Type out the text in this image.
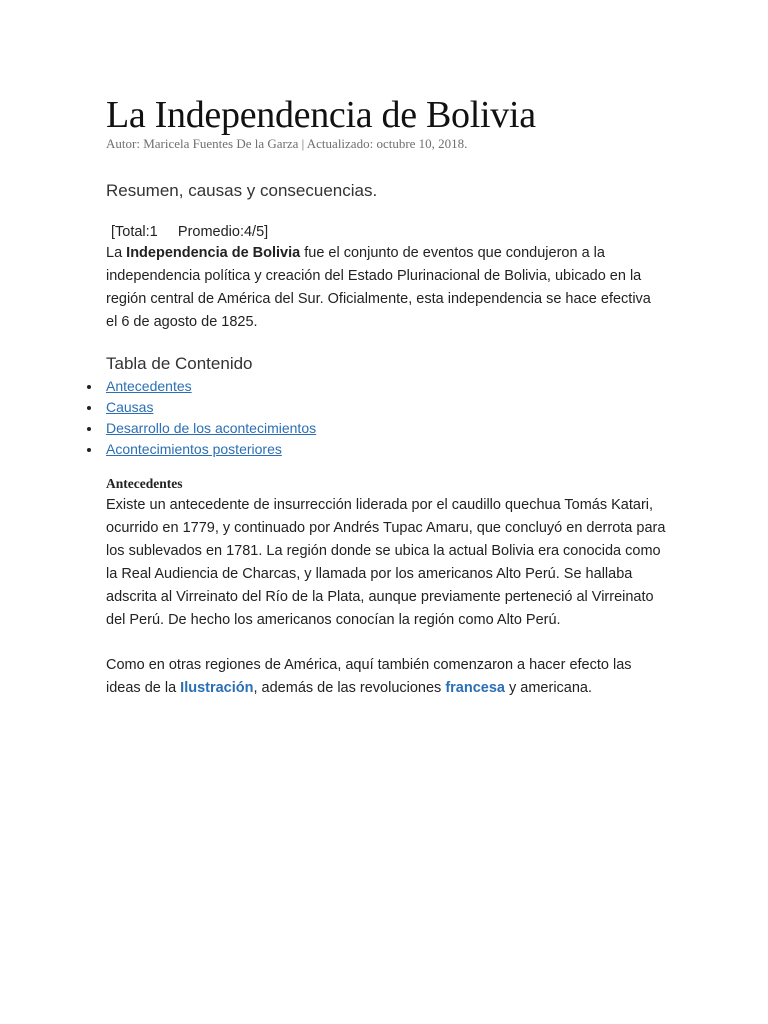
La Independencia de Bolivia
Autor: Maricela Fuentes De la Garza | Actualizado: octubre 10, 2018.
Resumen, causas y consecuencias.
[Total:1     Promedio:4/5]

La Independencia de Bolivia fue el conjunto de eventos que condujeron a la independencia política y creación del Estado Plurinacional de Bolivia, ubicado en la región central de América del Sur. Oficialmente, esta independencia se hace efectiva el 6 de agosto de 1825.

Tabla de Contenido
Antecedentes
Causas
Desarrollo de los acontecimientos
Acontecimientos posteriores
Antecedentes

Existe un antecedente de insurrección liderada por el caudillo quechua Tomás Katari, ocurrido en 1779, y continuado por Andrés Tupac Amaru, que concluyó en derrota para los sublevados en 1781. La región donde se ubica la actual Bolivia era conocida como la Real Audiencia de Charcas, y llamada por los americanos Alto Perú. Se hallaba adscrita al Virreinato del Río de la Plata, aunque previamente perteneció al Virreinato del Perú. De hecho los americanos conocían la región como Alto Perú.

Como en otras regiones de América, aquí también comenzaron a hacer efecto las ideas de la Ilustración, además de las revoluciones francesa y americana.
